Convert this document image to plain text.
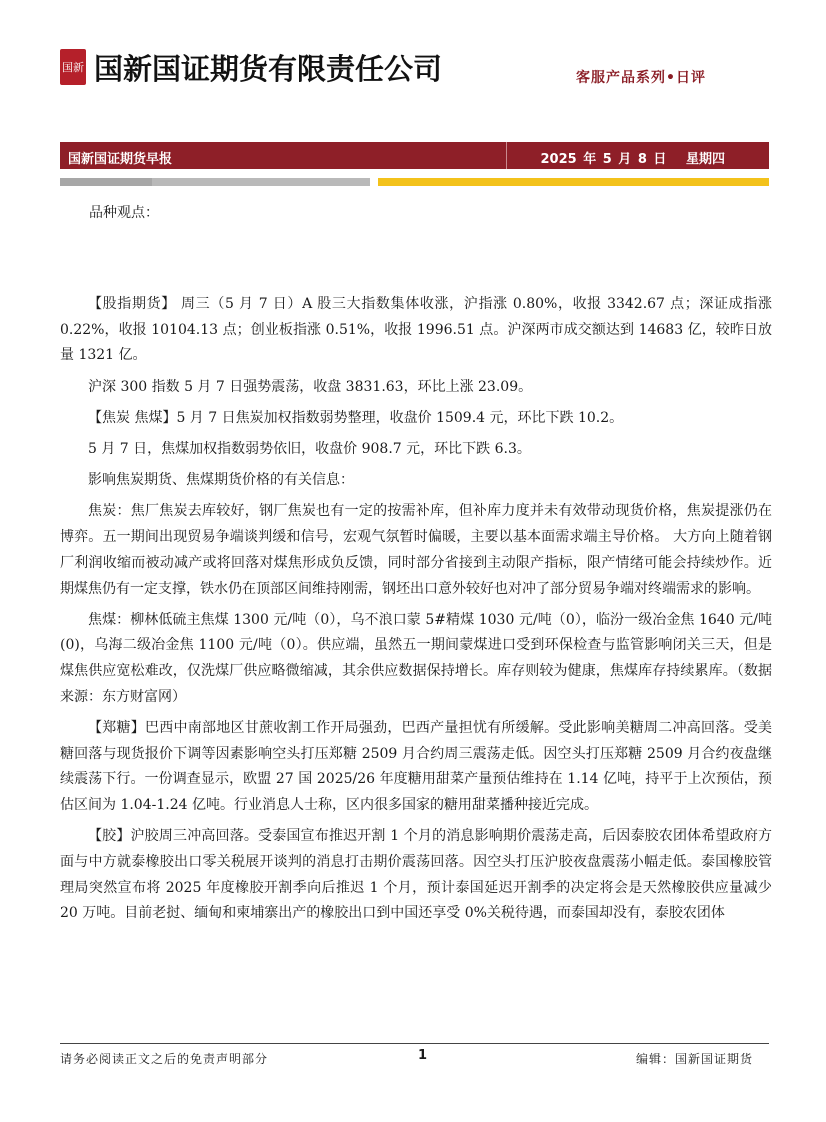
国新 国新国证期货有限责任公司	客服产品系列•日评
国新国证期货早报	2025 年 5 月 8 日 星期四
品种观点：

【股指期货】 周三（5 月 7 日）A 股三大指数集体收涨，沪指涨 0.80%，收报 3342.67 点；深证成指涨 0.22%，收报 10104.13 点；创业板指涨 0.51%，收报 1996.51 点。沪深两市成交额达到 14683 亿，较昨日放量 1321 亿。

沪深 300 指数 5 月 7 日强势震荡，收盘 3831.63，环比上涨 23.09。

【焦炭 焦煤】5 月 7 日焦炭加权指数弱势整理，收盘价 1509.4 元，环比下跌 10.2。

5 月 7 日，焦煤加权指数弱势依旧，收盘价 908.7 元，环比下跌 6.3。

影响焦炭期货、焦煤期货价格的有关信息：

焦炭：焦厂焦炭去库较好，钢厂焦炭也有一定的按需补库，但补库力度并未有效带动现货价格，焦炭提涨仍在博弈。五一期间出现贸易争端谈判缓和信号，宏观气氛暂时偏暖，主要以基本面需求端主导价格。 大方向上随着钢厂利润收缩而被动减产或将回落对煤焦形成负反馈，同时部分省接到主动限产指标，限产情绪可能会持续炒作。近期煤焦仍有一定支撑，铁水仍在顶部区间维持刚需，钢坯出口意外较好也对冲了部分贸易争端对终端需求的影响。

焦煤：柳林低硫主焦煤 1300 元/吨（0），乌不浪口蒙 5#精煤 1030 元/吨（0），临汾一级冶金焦 1640 元/吨(0)，乌海二级冶金焦 1100 元/吨（0）。供应端，虽然五一期间蒙煤进口受到环保检查与监管影响闭关三天，但是煤焦供应宽松难改，仅洗煤厂供应略微缩减，其余供应数据保持增长。库存则较为健康，焦煤库存持续累库。（数据来源：东方财富网）

【郑糖】巴西中南部地区甘蔗收割工作开局强劲，巴西产量担忧有所缓解。受此影响美糖周二冲高回落。受美糖回落与现货报价下调等因素影响空头打压郑糖 2509 月合约周三震荡走低。因空头打压郑糖 2509 月合约夜盘继续震荡下行。一份调查显示，欧盟 27 国 2025/26 年度糖用甜菜产量预估维持在 1.14 亿吨，持平于上次预估，预估区间为 1.04-1.24 亿吨。行业消息人士称，区内很多国家的糖用甜菜播种接近完成。

【胶】沪胶周三冲高回落。受泰国宣布推迟开割 1 个月的消息影响期价震荡走高，后因泰胶农团体希望政府方面与中方就泰橡胶出口零关税展开谈判的消息打击期价震荡回落。因空头打压沪胶夜盘震荡小幅走低。泰国橡胶管理局突然宣布将 2025 年度橡胶开割季向后推迟 1 个月，预计泰国延迟开割季的决定将会是天然橡胶供应量减少 20 万吨。目前老挝、缅甸和柬埔寨出产的橡胶出口到中国还享受 0%关税待遇，而泰国却没有，泰胶农团体

请务必阅读正文之后的免责声明部分	1	编辑：国新国证期货
